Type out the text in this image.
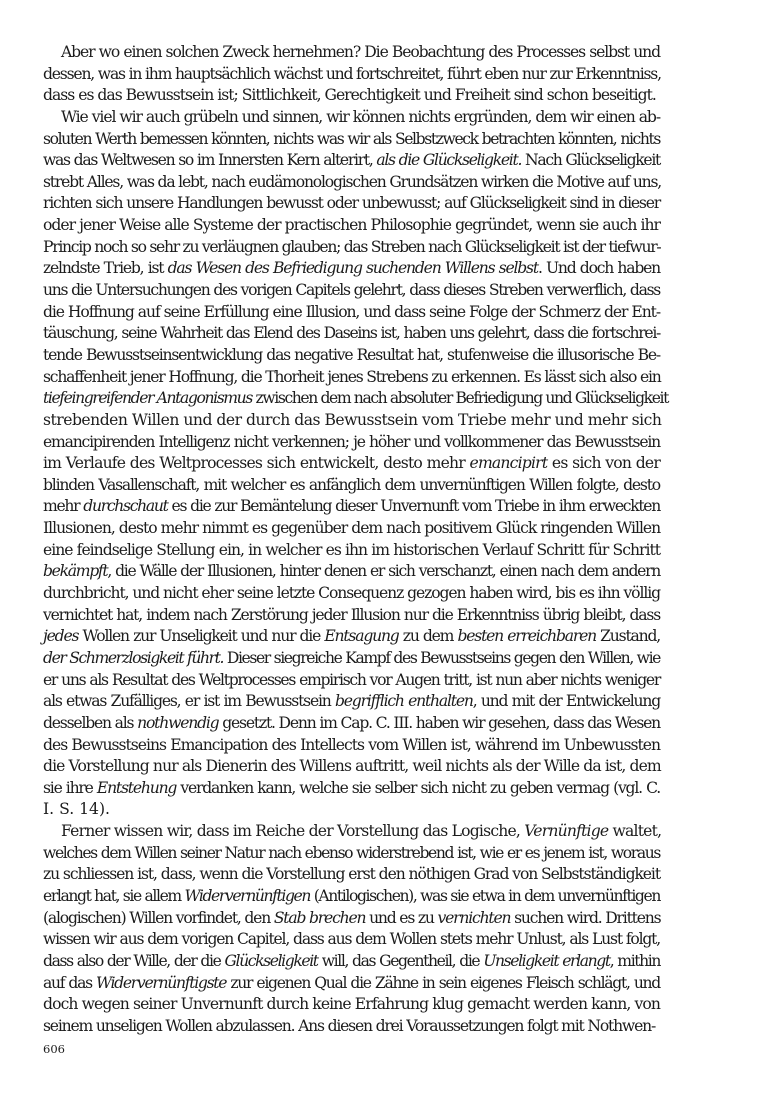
Aber wo einen solchen Zweck hernehmen? Die Beobachtung des Processes selbst und
dessen, was in ihm hauptsächlich wächst und fortschreitet, führt eben nur zur Erkenntniss,
dass es das Bewusstsein ist; Sittlichkeit, Gerechtigkeit und Freiheit sind schon beseitigt.
Wie viel wir auch grübeln und sinnen, wir können nichts ergründen, dem wir einen ab-
soluten Werth bemessen könnten, nichts was wir als Selbstzweck betrachten könnten, nichts
was das Weltwesen so im Innersten Kern alterirt, als die Glückseligkeit. Nach Glückseligkeit
strebt Alles, was da lebt, nach eudämonologischen Grundsätzen wirken die Motive auf uns,
richten sich unsere Handlungen bewusst oder unbewusst; auf Glückseligkeit sind in dieser
oder jener Weise alle Systeme der practischen Philosophie gegründet, wenn sie auch ihr
Princip noch so sehr zu verläugnen glauben; das Streben nach Glückseligkeit ist der tiefwur-
zelndste Trieb, ist das Wesen des Befriedigung suchenden Willens selbst. Und doch haben
uns die Untersuchungen des vorigen Capitels gelehrt, dass dieses Streben verwerflich, dass
die Hoffnung auf seine Erfüllung eine Illusion, und dass seine Folge der Schmerz der Ent-
täuschung, seine Wahrheit das Elend des Daseins ist, haben uns gelehrt, dass die fortschrei-
tende Bewusstseinsentwicklung das negative Resultat hat, stufenweise die illusorische Be-
schaffenheit jener Hoffnung, die Thorheit jenes Strebens zu erkennen. Es lässt sich also ein
tiefeingreifender Antagonismus zwischen dem nach absoluter Befriedigung und Glückseligkeit
strebenden Willen und der durch das Bewusstsein vom Triebe mehr und mehr sich
emancipirenden Intelligenz nicht verkennen; je höher und vollkommener das Bewusstsein
im Verlaufe des Weltprocesses sich entwickelt, desto mehr emancipirt es sich von der
blinden Vasallenschaft, mit welcher es anfänglich dem unvernünftigen Willen folgte, desto
mehr durchschaut es die zur Bemäntelung dieser Unvernunft vom Triebe in ihm erweckten
Illusionen, desto mehr nimmt es gegenüber dem nach positivem Glück ringenden Willen
eine feindselige Stellung ein, in welcher es ihn im historischen Verlauf Schritt für Schritt
bekämpft, die Wälle der Illusionen, hinter denen er sich verschanzt, einen nach dem andern
durchbricht, und nicht eher seine letzte Consequenz gezogen haben wird, bis es ihn völlig
vernichtet hat, indem nach Zerstörung jeder Illusion nur die Erkenntniss übrig bleibt, dass
jedes Wollen zur Unseligkeit und nur die Entsagung zu dem besten erreichbaren Zustand,
der Schmerzlosigkeit führt. Dieser siegreiche Kampf des Bewusstseins gegen den Willen, wie
er uns als Resultat des Weltprocesses empirisch vor Augen tritt, ist nun aber nichts weniger
als etwas Zufälliges, er ist im Bewusstsein begrifflich enthalten, und mit der Entwickelung
desselben als nothwendig gesetzt. Denn im Cap. C. III. haben wir gesehen, dass das Wesen
des Bewusstseins Emancipation des Intellects vom Willen ist, während im Unbewussten
die Vorstellung nur als Dienerin des Willens auftritt, weil nichts als der Wille da ist, dem
sie ihre Entstehung verdanken kann, welche sie selber sich nicht zu geben vermag (vgl. C.
I. S. 14).
Ferner wissen wir, dass im Reiche der Vorstellung das Logische, Vernünftige waltet,
welches dem Willen seiner Natur nach ebenso widerstrebend ist, wie er es jenem ist, woraus
zu schliessen ist, dass, wenn die Vorstellung erst den nöthigen Grad von Selbstständigkeit
erlangt hat, sie allem Widervernünftigen (Antilogischen), was sie etwa in dem unvernünftigen
(alogischen) Willen vorfindet, den Stab brechen und es zu vernichten suchen wird. Drittens
wissen wir aus dem vorigen Capitel, dass aus dem Wollen stets mehr Unlust, als Lust folgt,
dass also der Wille, der die Glückseligkeit will, das Gegentheil, die Unseligkeit erlangt, mithin
auf das Widervernünftigste zur eigenen Qual die Zähne in sein eigenes Fleisch schlägt, und
doch wegen seiner Unvernunft durch keine Erfahrung klug gemacht werden kann, von
seinem unseligen Wollen abzulassen. Ans diesen drei Voraussetzungen folgt mit Nothwen-
606
